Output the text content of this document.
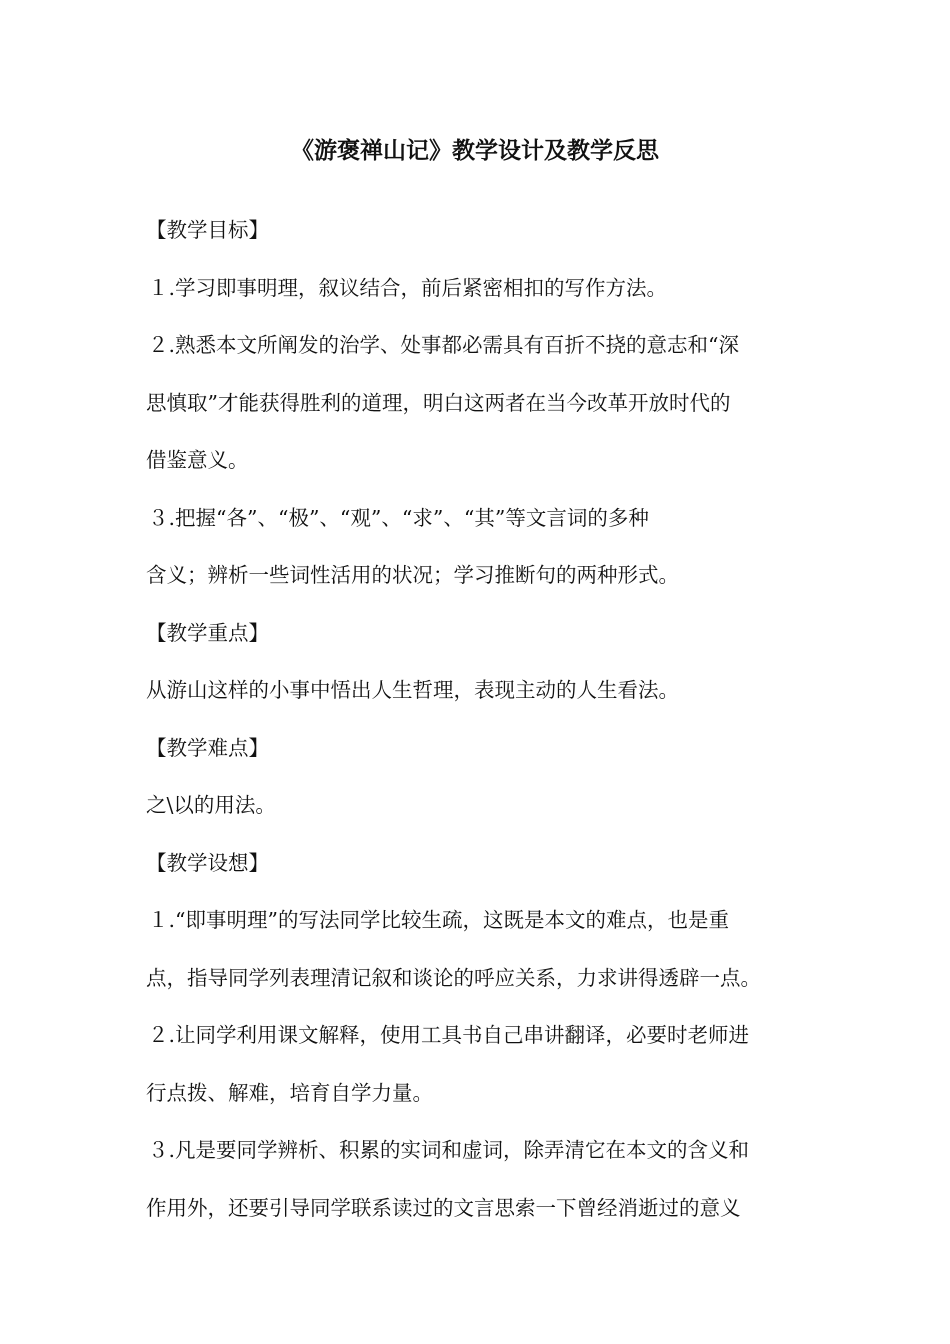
《游褒禅山记》教学设计及教学反思
【教学目标】
１.学习即事明理，叙议结合，前后紧密相扣的写作方法。
２.熟悉本文所阐发的治学、处事都必需具有百折不挠的意志和“深
思慎取”才能获得胜利的道理，明白这两者在当今改革开放时代的
借鉴意义。
３.把握“各”、“极”、“观”、“求”、“其”等文言词的多种
含义；辨析一些词性活用的状况；学习推断句的两种形式。
【教学重点】
从游山这样的小事中悟出人生哲理，表现主动的人生看法。
【教学难点】
之\以的用法。
【教学设想】
１.“即事明理”的写法同学比较生疏，这既是本文的难点，也是重
点，指导同学列表理清记叙和谈论的呼应关系，力求讲得透辟一点。
２.让同学利用课文解释，使用工具书自己串讲翻译，必要时老师进
行点拨、解难，培育自学力量。
３.凡是要同学辨析、积累的实词和虚词，除弄清它在本文的含义和
作用外，还要引导同学联系读过的文言思索一下曾经消逝过的意义
